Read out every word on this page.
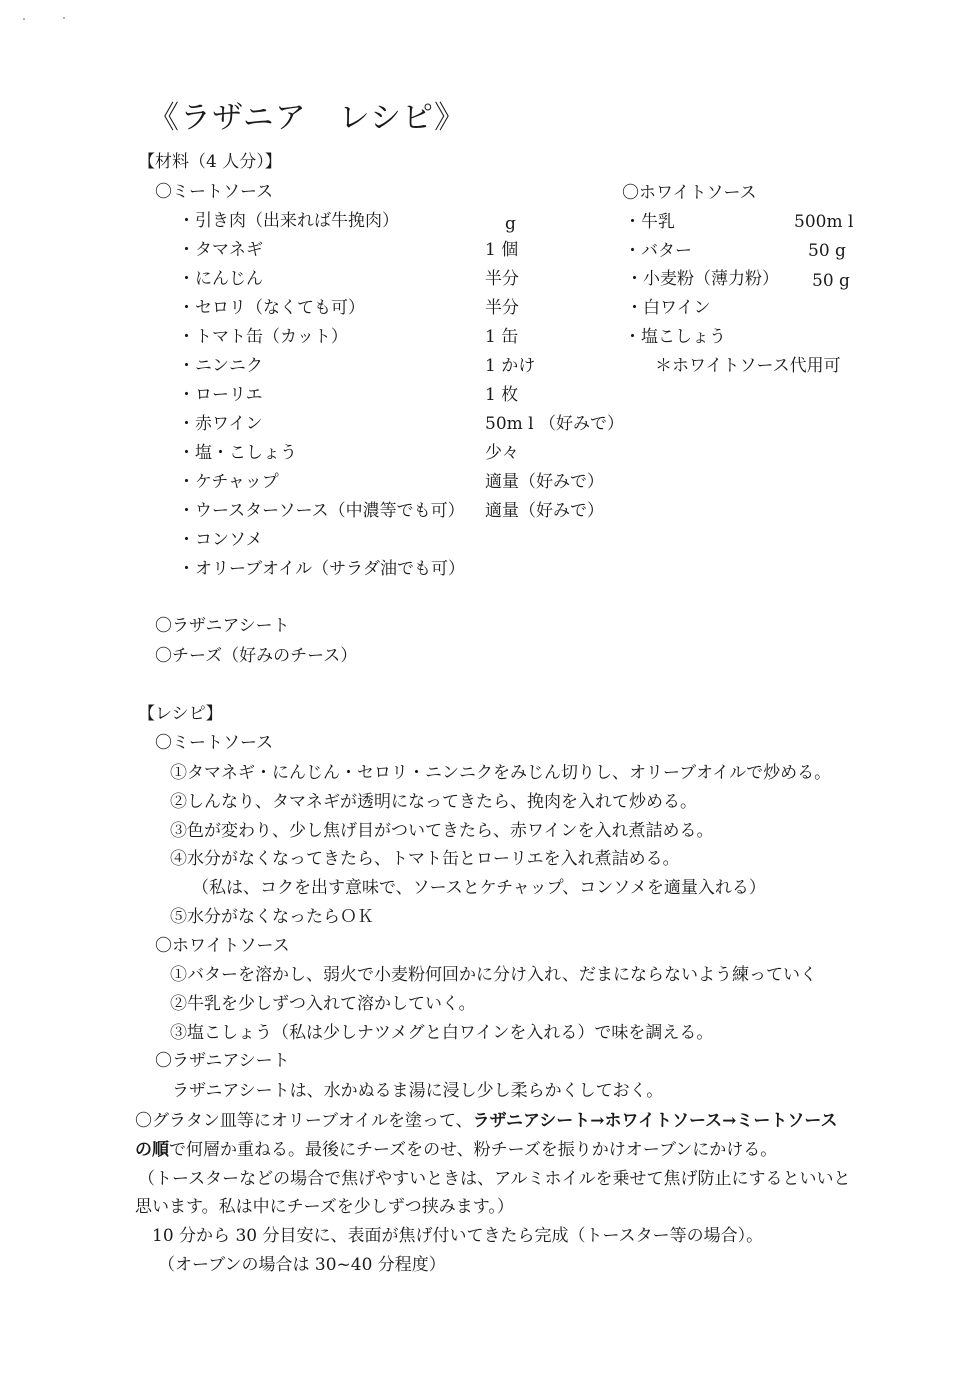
《ラザニア　レシピ》
【材料（4 人分）】
〇ミートソース
・引き肉（出来れば牛挽肉）	g
・タマネギ	1 個
・にんじん	半分
・セロリ（なくても可）	半分
・トマト缶（カット）	1 缶
・ニンニク	1 かけ
・ローリエ	1 枚
・赤ワイン	50m l （好みで）
・塩・こしょう	少々
・ケチャップ	適量（好みで）
・ウースターソース（中濃等でも可） 適量（好みで）
・コンソメ
・オリーブオイル（サラダ油でも可）
〇ホワイトソース
・牛乳	500m l
・バター	50 g
・小麦粉（薄力粉） 50 g
・白ワイン
・塩こしょう
＊ホワイトソース代用可
〇ラザニアシート
〇チーズ（好みのチース）
【レシピ】
〇ミートソース
①タマネギ・にんじん・セロリ・ニンニクをみじん切りし、オリーブオイルで炒める。
②しんなり、タマネギが透明になってきたら、挽肉を入れて炒める。
③色が変わり、少し焦げ目がついてきたら、赤ワインを入れ煮詰める。
④水分がなくなってきたら、トマト缶とローリエを入れ煮詰める。
（私は、コクを出す意味で、ソースとケチャップ、コンソメを適量入れる）
⑤水分がなくなったらＯＫ
〇ホワイトソース
①バターを溶かし、弱火で小麦粉何回かに分け入れ、だまにならないよう練っていく
②牛乳を少しずつ入れて溶かしていく。
③塩こしょう（私は少しナツメグと白ワインを入れる）で味を調える。
〇ラザニアシート
ラザニアシートは、水かぬるま湯に浸し少し柔らかくしておく。
〇グラタン皿等にオリーブオイルを塗って、ラザニアシート→ホワイトソース→ミートソース
の順で何層か重ねる。最後にチーズをのせ、粉チーズを振りかけオーブンにかける。
（トースターなどの場合で焦げやすいときは、アルミホイルを乗せて焦げ防止にするといいと
思います。私は中にチーズを少しずつ挟みます。）
10 分から 30 分目安に、表面が焦げ付いてきたら完成（トースター等の場合）。
（オーブンの場合は 30~40 分程度）
